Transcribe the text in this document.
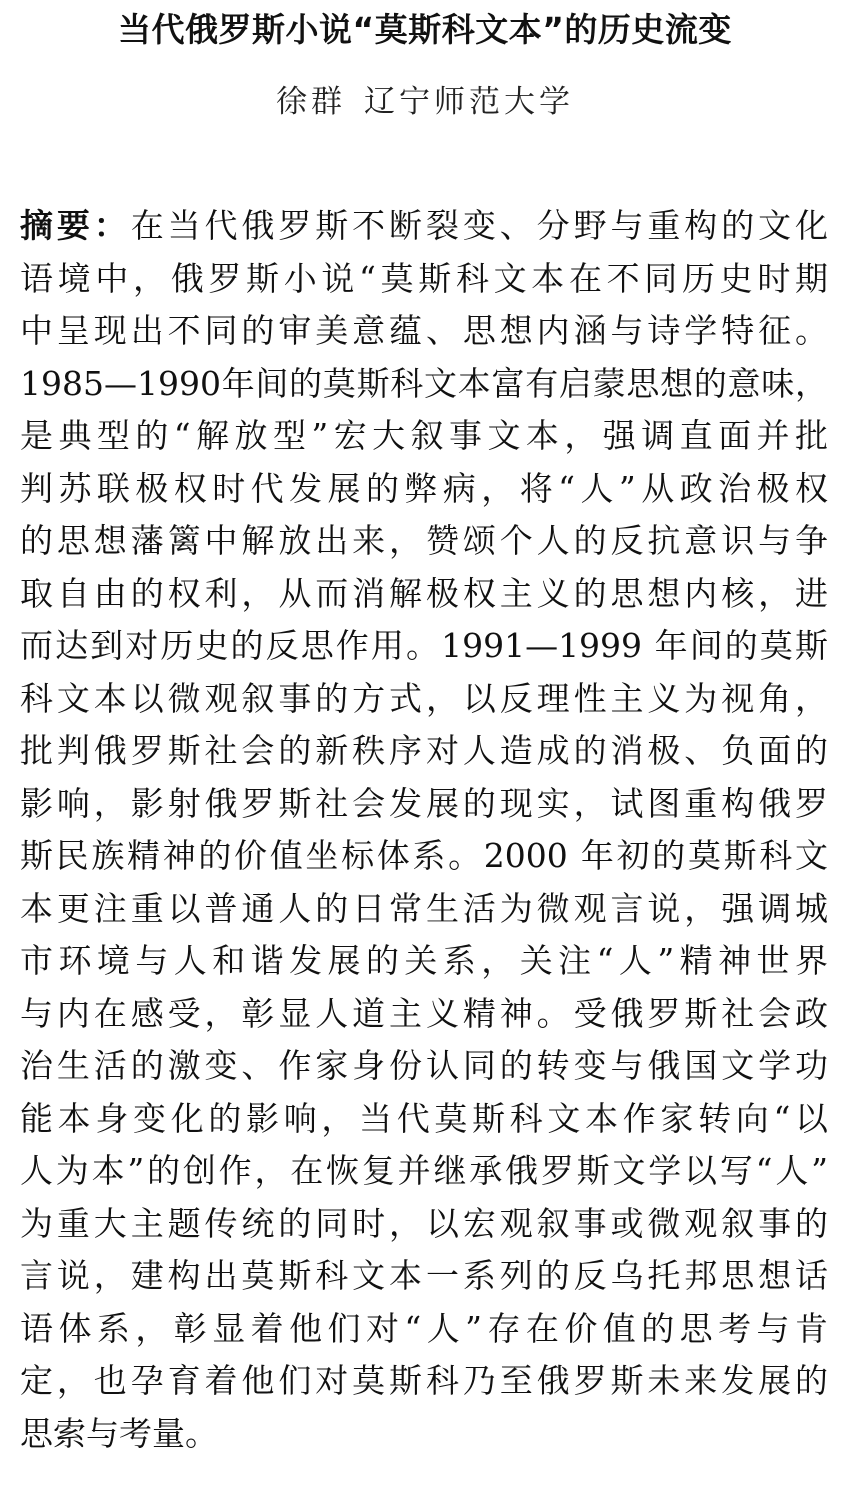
当代俄罗斯小说“莫斯科文本”的历史流变
徐群 辽宁师范大学
摘要：在当代俄罗斯不断裂变、分野与重构的文化
语境中，俄罗斯小说“莫斯科文本在不同历史时期
中呈现出不同的审美意蕴、思想内涵与诗学特征。
1985—1990年间的莫斯科文本富有启蒙思想的意味，
是典型的“解放型”宏大叙事文本，强调直面并批
判苏联极权时代发展的弊病，将“人”从政治极权
的思想藩篱中解放出来，赞颂个人的反抗意识与争
取自由的权利，从而消解极权主义的思想内核，进
而达到对历史的反思作用。1991—1999 年间的莫斯
科文本以微观叙事的方式，以反理性主义为视角，
批判俄罗斯社会的新秩序对人造成的消极、负面的
影响，影射俄罗斯社会发展的现实，试图重构俄罗
斯民族精神的价值坐标体系。2000 年初的莫斯科文
本更注重以普通人的日常生活为微观言说，强调城
市环境与人和谐发展的关系，关注“人”精神世界
与内在感受，彰显人道主义精神。受俄罗斯社会政
治生活的激变、作家身份认同的转变与俄国文学功
能本身变化的影响，当代莫斯科文本作家转向“以
人为本”的创作，在恢复并继承俄罗斯文学以写“人”
为重大主题传统的同时，以宏观叙事或微观叙事的
言说，建构出莫斯科文本一系列的反乌托邦思想话
语体系，彰显着他们对“人”存在价值的思考与肯
定，也孕育着他们对莫斯科乃至俄罗斯未来发展的
思索与考量。
